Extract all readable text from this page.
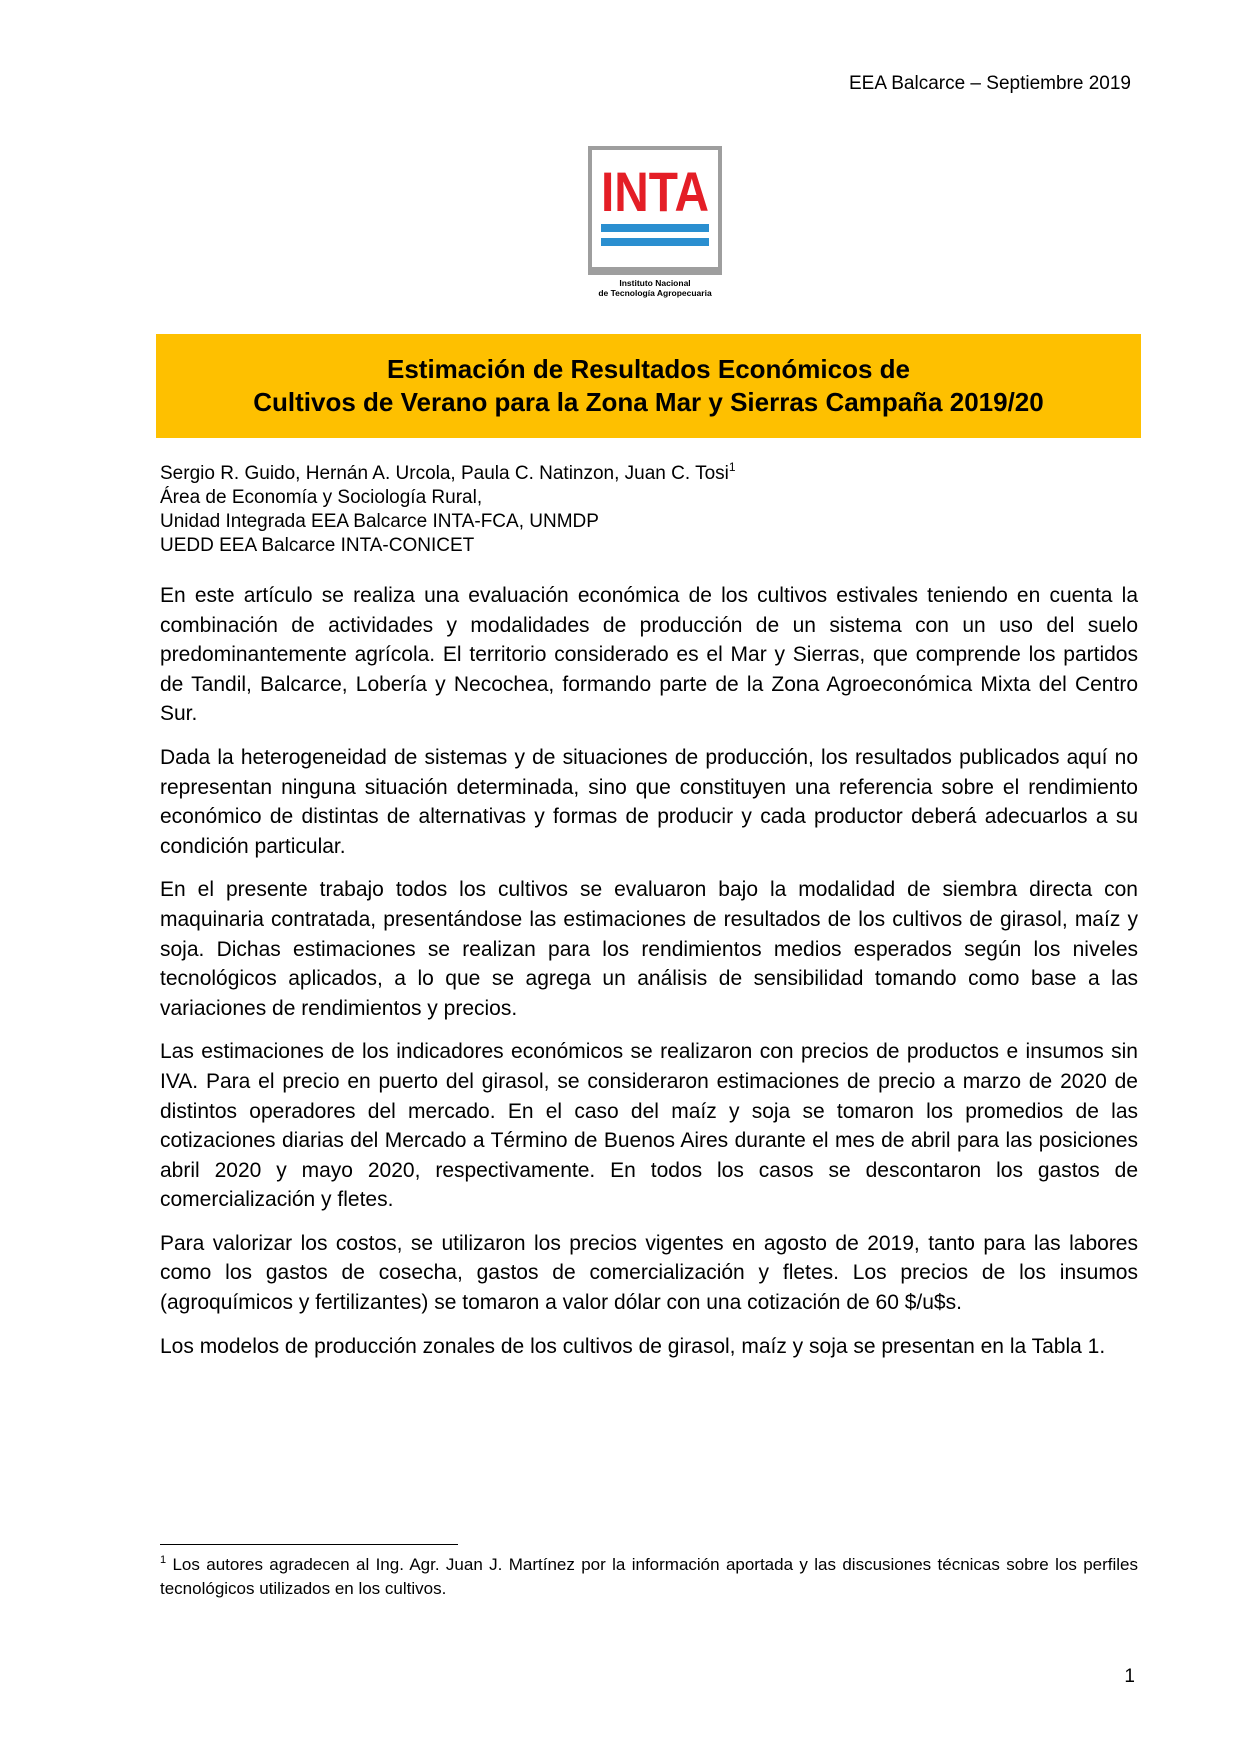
EEA Balcarce – Septiembre 2019
INTA
Instituto Nacional
de Tecnología Agropecuaria
Estimación de Resultados Económicos de
Cultivos de Verano para la Zona Mar y Sierras Campaña 2019/20
Sergio R. Guido, Hernán A. Urcola, Paula C. Natinzon, Juan C. Tosi$^1$
Área de Economía y Sociología Rural,
Unidad Integrada EEA Balcarce INTA-FCA, UNMDP
UEDD EEA Balcarce INTA-CONICET

En este artículo se realiza una evaluación económica de los cultivos estivales teniendo en cuenta la combinación de actividades y modalidades de producción de un sistema con un uso del suelo predominantemente agrícola. El territorio considerado es el Mar y Sierras, que comprende los partidos de Tandil, Balcarce, Lobería y Necochea, formando parte de la Zona Agroeconómica Mixta del Centro Sur.

Dada la heterogeneidad de sistemas y de situaciones de producción, los resultados publicados aquí no representan ninguna situación determinada, sino que constituyen una referencia sobre el rendimiento económico de distintas de alternativas y formas de producir y cada productor deberá adecuarlos a su condición particular.

En el presente trabajo todos los cultivos se evaluaron bajo la modalidad de siembra directa con maquinaria contratada, presentándose las estimaciones de resultados de los cultivos de girasol, maíz y soja. Dichas estimaciones se realizan para los rendimientos medios esperados según los niveles tecnológicos aplicados, a lo que se agrega un análisis de sensibilidad tomando como base a las variaciones de rendimientos y precios.

Las estimaciones de los indicadores económicos se realizaron con precios de productos e insumos sin IVA. Para el precio en puerto del girasol, se consideraron estimaciones de precio a marzo de 2020 de distintos operadores del mercado. En el caso del maíz y soja se tomaron los promedios de las cotizaciones diarias del Mercado a Término de Buenos Aires durante el mes de abril para las posiciones abril 2020 y mayo 2020, respectivamente. En todos los casos se descontaron los gastos de comercialización y fletes.

Para valorizar los costos, se utilizaron los precios vigentes en agosto de 2019, tanto para las labores como los gastos de cosecha, gastos de comercialización y fletes. Los precios de los insumos (agroquímicos y fertilizantes) se tomaron a valor dólar con una cotización de 60 $/u$s.

Los modelos de producción zonales de los cultivos de girasol, maíz y soja se presentan en la Tabla 1.

$^1$ Los autores agradecen al Ing. Agr. Juan J. Martínez por la información aportada y las discusiones técnicas sobre los perfiles tecnológicos utilizados en los cultivos.
1
